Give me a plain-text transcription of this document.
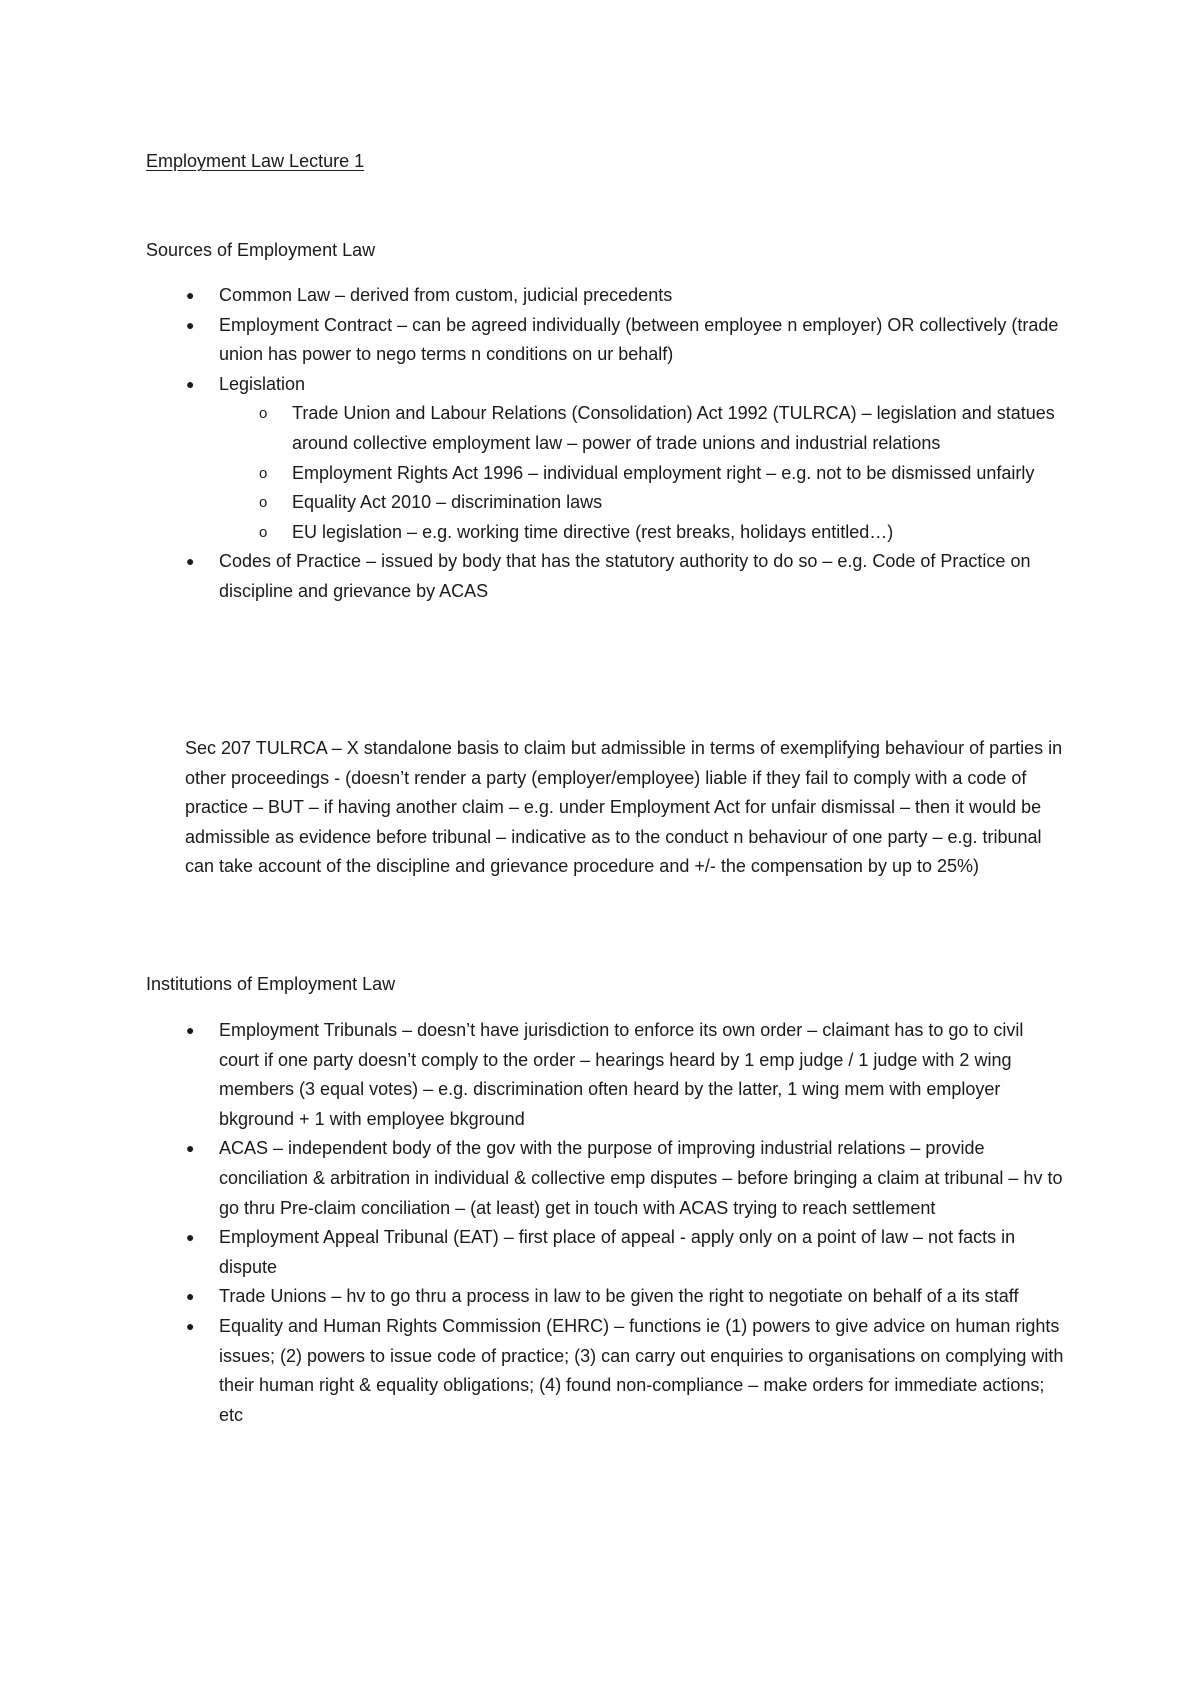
Employment Law Lecture 1
Sources of Employment Law
● Common Law – derived from custom, judicial precedents
● Employment Contract – can be agreed individually (between employee n employer) OR collectively (trade union has power to nego terms n conditions on ur behalf)
● Legislation
o Trade Union and Labour Relations (Consolidation) Act 1992 (TULRCA) – legislation and statues around collective employment law – power of trade unions and industrial relations
o Employment Rights Act 1996 – individual employment right – e.g. not to be dismissed unfairly
o Equality Act 2010 – discrimination laws
o EU legislation – e.g. working time directive (rest breaks, holidays entitled…)
● Codes of Practice – issued by body that has the statutory authority to do so – e.g. Code of Practice on discipline and grievance by ACAS
Sec 207 TULRCA – X standalone basis to claim but admissible in terms of exemplifying behaviour of parties in other proceedings - (doesn’t render a party (employer/employee) liable if they fail to comply with a code of practice – BUT – if having another claim – e.g. under Employment Act for unfair dismissal – then it would be admissible as evidence before tribunal – indicative as to the conduct n behaviour of one party – e.g. tribunal can take account of the discipline and grievance procedure and +/- the compensation by up to 25%)
Institutions of Employment Law
● Employment Tribunals – doesn’t have jurisdiction to enforce its own order – claimant has to go to civil court if one party doesn’t comply to the order – hearings heard by 1 emp judge / 1 judge with 2 wing members (3 equal votes) – e.g. discrimination often heard by the latter, 1 wing mem with employer bkground + 1 with employee bkground
● ACAS – independent body of the gov with the purpose of improving industrial relations – provide conciliation & arbitration in individual & collective emp disputes – before bringing a claim at tribunal – hv to go thru Pre-claim conciliation – (at least) get in touch with ACAS trying to reach settlement
● Employment Appeal Tribunal (EAT) – first place of appeal - apply only on a point of law – not facts in dispute
● Trade Unions – hv to go thru a process in law to be given the right to negotiate on behalf of a its staff
● Equality and Human Rights Commission (EHRC) – functions ie (1) powers to give advice on human rights issues; (2) powers to issue code of practice; (3) can carry out enquiries to organisations on complying with their human right & equality obligations; (4) found non-compliance – make orders for immediate actions; etc
